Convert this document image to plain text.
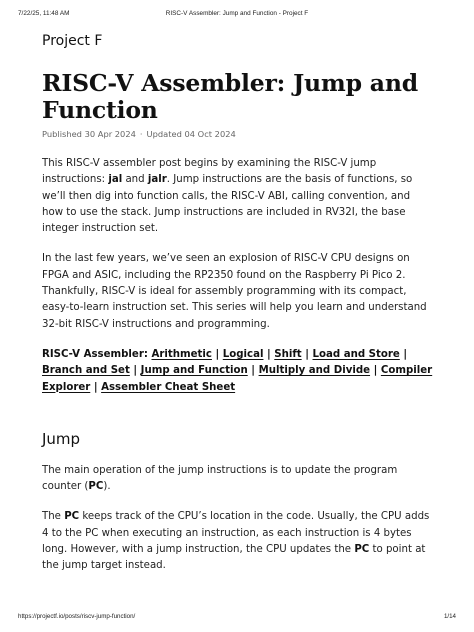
7/22/25, 11:48 AM	RISC-V Assembler: Jump and Function - Project F
Project F
RISC-V Assembler: Jump and
Function
Published 30 Apr 2024 · Updated 04 Oct 2024

This RISC-V assembler post begins by examining the RISC-V jump instructions: jal and jalr. Jump instructions are the basis of functions, so we’ll then dig into function calls, the RISC-V ABI, calling convention, and how to use the stack. Jump instructions are included in RV32I, the base integer instruction set.

In the last few years, we’ve seen an explosion of RISC-V CPU designs on FPGA and ASIC, including the RP2350 found on the Raspberry Pi Pico 2. Thankfully, RISC-V is ideal for assembly programming with its compact, easy-to-learn instruction set. This series will help you learn and understand 32-bit RISC-V instructions and programming.

RISC-V Assembler: Arithmetic | Logical | Shift | Load and Store | Branch and Set | Jump and Function | Multiply and Divide | Compiler Explorer | Assembler Cheat Sheet

Jump

The main operation of the jump instructions is to update the program counter (PC).

The PC keeps track of the CPU’s location in the code. Usually, the CPU adds 4 to the PC when executing an instruction, as each instruction is 4 bytes long. However, with a jump instruction, the CPU updates the PC to point at the jump target instead.

https://projectf.io/posts/riscv-jump-function/	1/14
